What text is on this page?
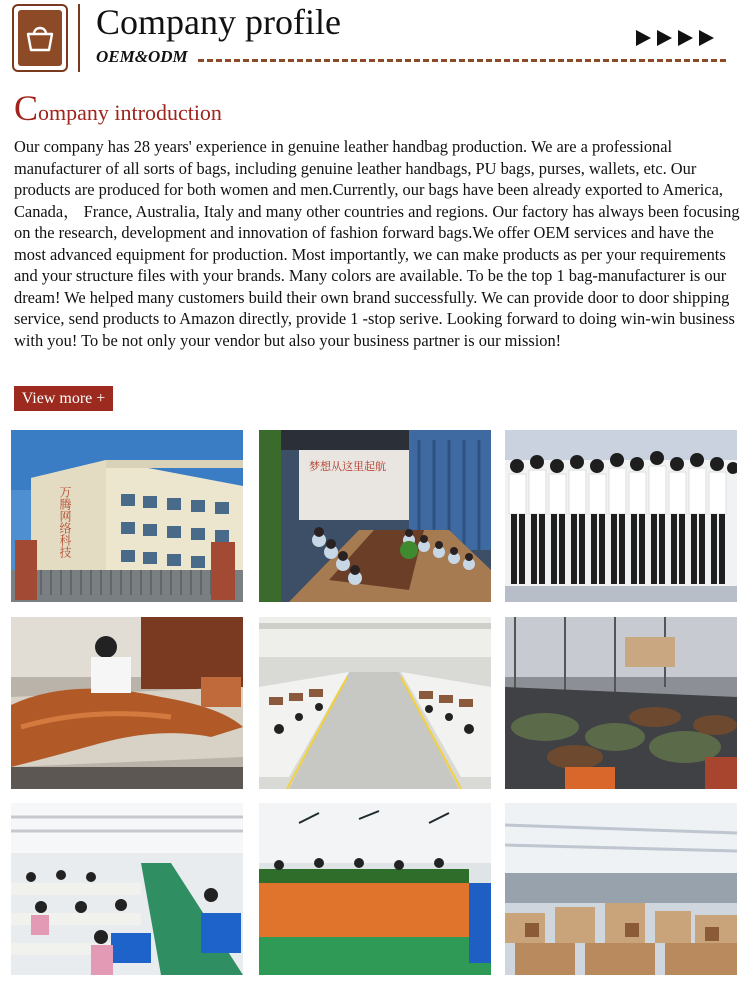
Company profile
OEM&ODM
Company introduction
Our company has 28 years' experience in genuine leather handbag production. We are a professional manufacturer of all sorts of bags, including genuine leather handbags, PU bags, purses, wallets, etc. Our products are produced for both women and men.Currently, our bags have been already exported to America, Canada， France, Australia, Italy and many other countries and regions. Our factory has always been focusing on the research, development and innovation of fashion forward bags.We offer OEM services and have the most advanced equipment for production. Most importantly, we can make products as per your requirements and your structure files with your brands. Many colors are available. To be the top 1 bag-manufacturer is our dream! We helped many customers build their own brand successfully. We can provide door to door shipping service, send products to Amazon directly, provide 1 -stop serive. Looking forward to doing win-win business with you! To be not only your vendor but also your business partner is our mission!
View more +
万腾网络科技
梦想从这里起航
